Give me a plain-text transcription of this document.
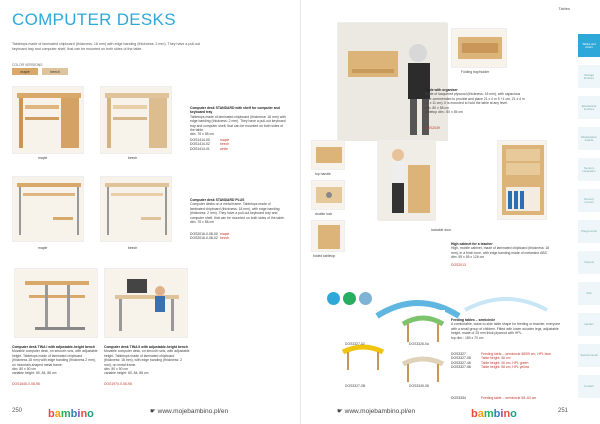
COMPUTER DESKS
Tabletops made of laminated chipboard (thickness: 18 mm) with edge banding (thickness: 2 mm). They have a pull-out keyboard tray and computer shelf, that can be mounted on both sides of the table.
COLOR VERSIONS
maple	beech
maple	beech
Computer desk STANDARD with shelf for computer and keyboard tray
Tabletops made of laminated chipboard (thickness: 18 mm) with edge banding (thickness: 2 mm). They have a pull-out keyboard tray and computer shelf, that can be mounted on both sides of the table.
dim. 76 x 58 cm
DOS1414-00	maple
DOS1414-02	beech
DOS1414-01	white
maple	beech
Computer desk STANDARD PLUS
Computer desks on a metal frame. Tabletops made of laminated chipboard (thickness: 18 mm), with edge banding (thickness: 2 mm). They have a pull-out keyboard tray and computer shelf, that can be mounted on both sides of the table.
dim. 76 x 58 cm
DOS2016-0-08-00 maple
DOS2016-0-08-02 beech
Computer desk TINA I with adjustable-height bench
Movable computer desk, on smooth runs, with adjustable height. Tabletops made of laminated chipboard (thickness 18 mm) with edge banding (thickness 2 mm), on mountain-shaped metal frame.
dim. 80 x 50 cm
variable height: 80, 84, 88 cm
DOS1645-0-08-98
Computer desk TINA II with adjustable-height bench
Movable computer desk, on smooth runs, with adjustable height. Tabletops made of laminated chipboard (thickness: 18 mm), with edge banding (thickness: 2 mm), on metal frame.
dim. 80 x 50 cm
variable height: 80, 84, 88 cm
DOS1970-0-08-98
250	☛ www.mojebambino.pl/en
bambino
Tables
Folding tray/holder
Table with organiser
Made of lacquered plywood (thickness: 18 mm), with capacious over-commended to provide and place 21 x 4 m 5 +1 cm, 21 x 4 m 21 x 11 cm). It is mounted to hold the table at any level.
dim. 80 x 58 cm
tabletop dim.: 80 x 55 cm
DOS2049
top handle
double lock
folded tabletop
lockable door
High cabinet for a teacher
High, mobile cabinet, made of laminated chipboard (thickness: 18 mm), in a birch tone, with edge banding made of melamine ABS.
dim. 55 x 55 x 126 cm
DOS2013
DOS3327-02	DOS3326-0a
DOS3327-0B	DOS3345-08
Feeding tables – semicircle
A comfortable, wave-to-side table shape for feeding or teacher, everyone with a small group of children. Fitted with lower wooden legs, adjustable height, made of 25 mm thick plywood with HPL.
top dim.: 180 x 70 cm
DOS3327	Feeding table – semicircle 58/59 cm, HPL blue
DOS3327-08	Table height: 46 cm
DOS3327-46	Table height: 46 cm, HPL green
DOS3327-58	Table height: 58 cm, HPL yellow
DOS3334	Feeding table – semicircle 58–64 cm
☛ www.mojebambino.pl/en	bambino	251
Tables and chairs
Storage furniture
Educational furniture
Manipulation boards
Sensory integration
Sensory corners
Playgrounds
Carpets
Aids
Garden
Special needs
Contact
